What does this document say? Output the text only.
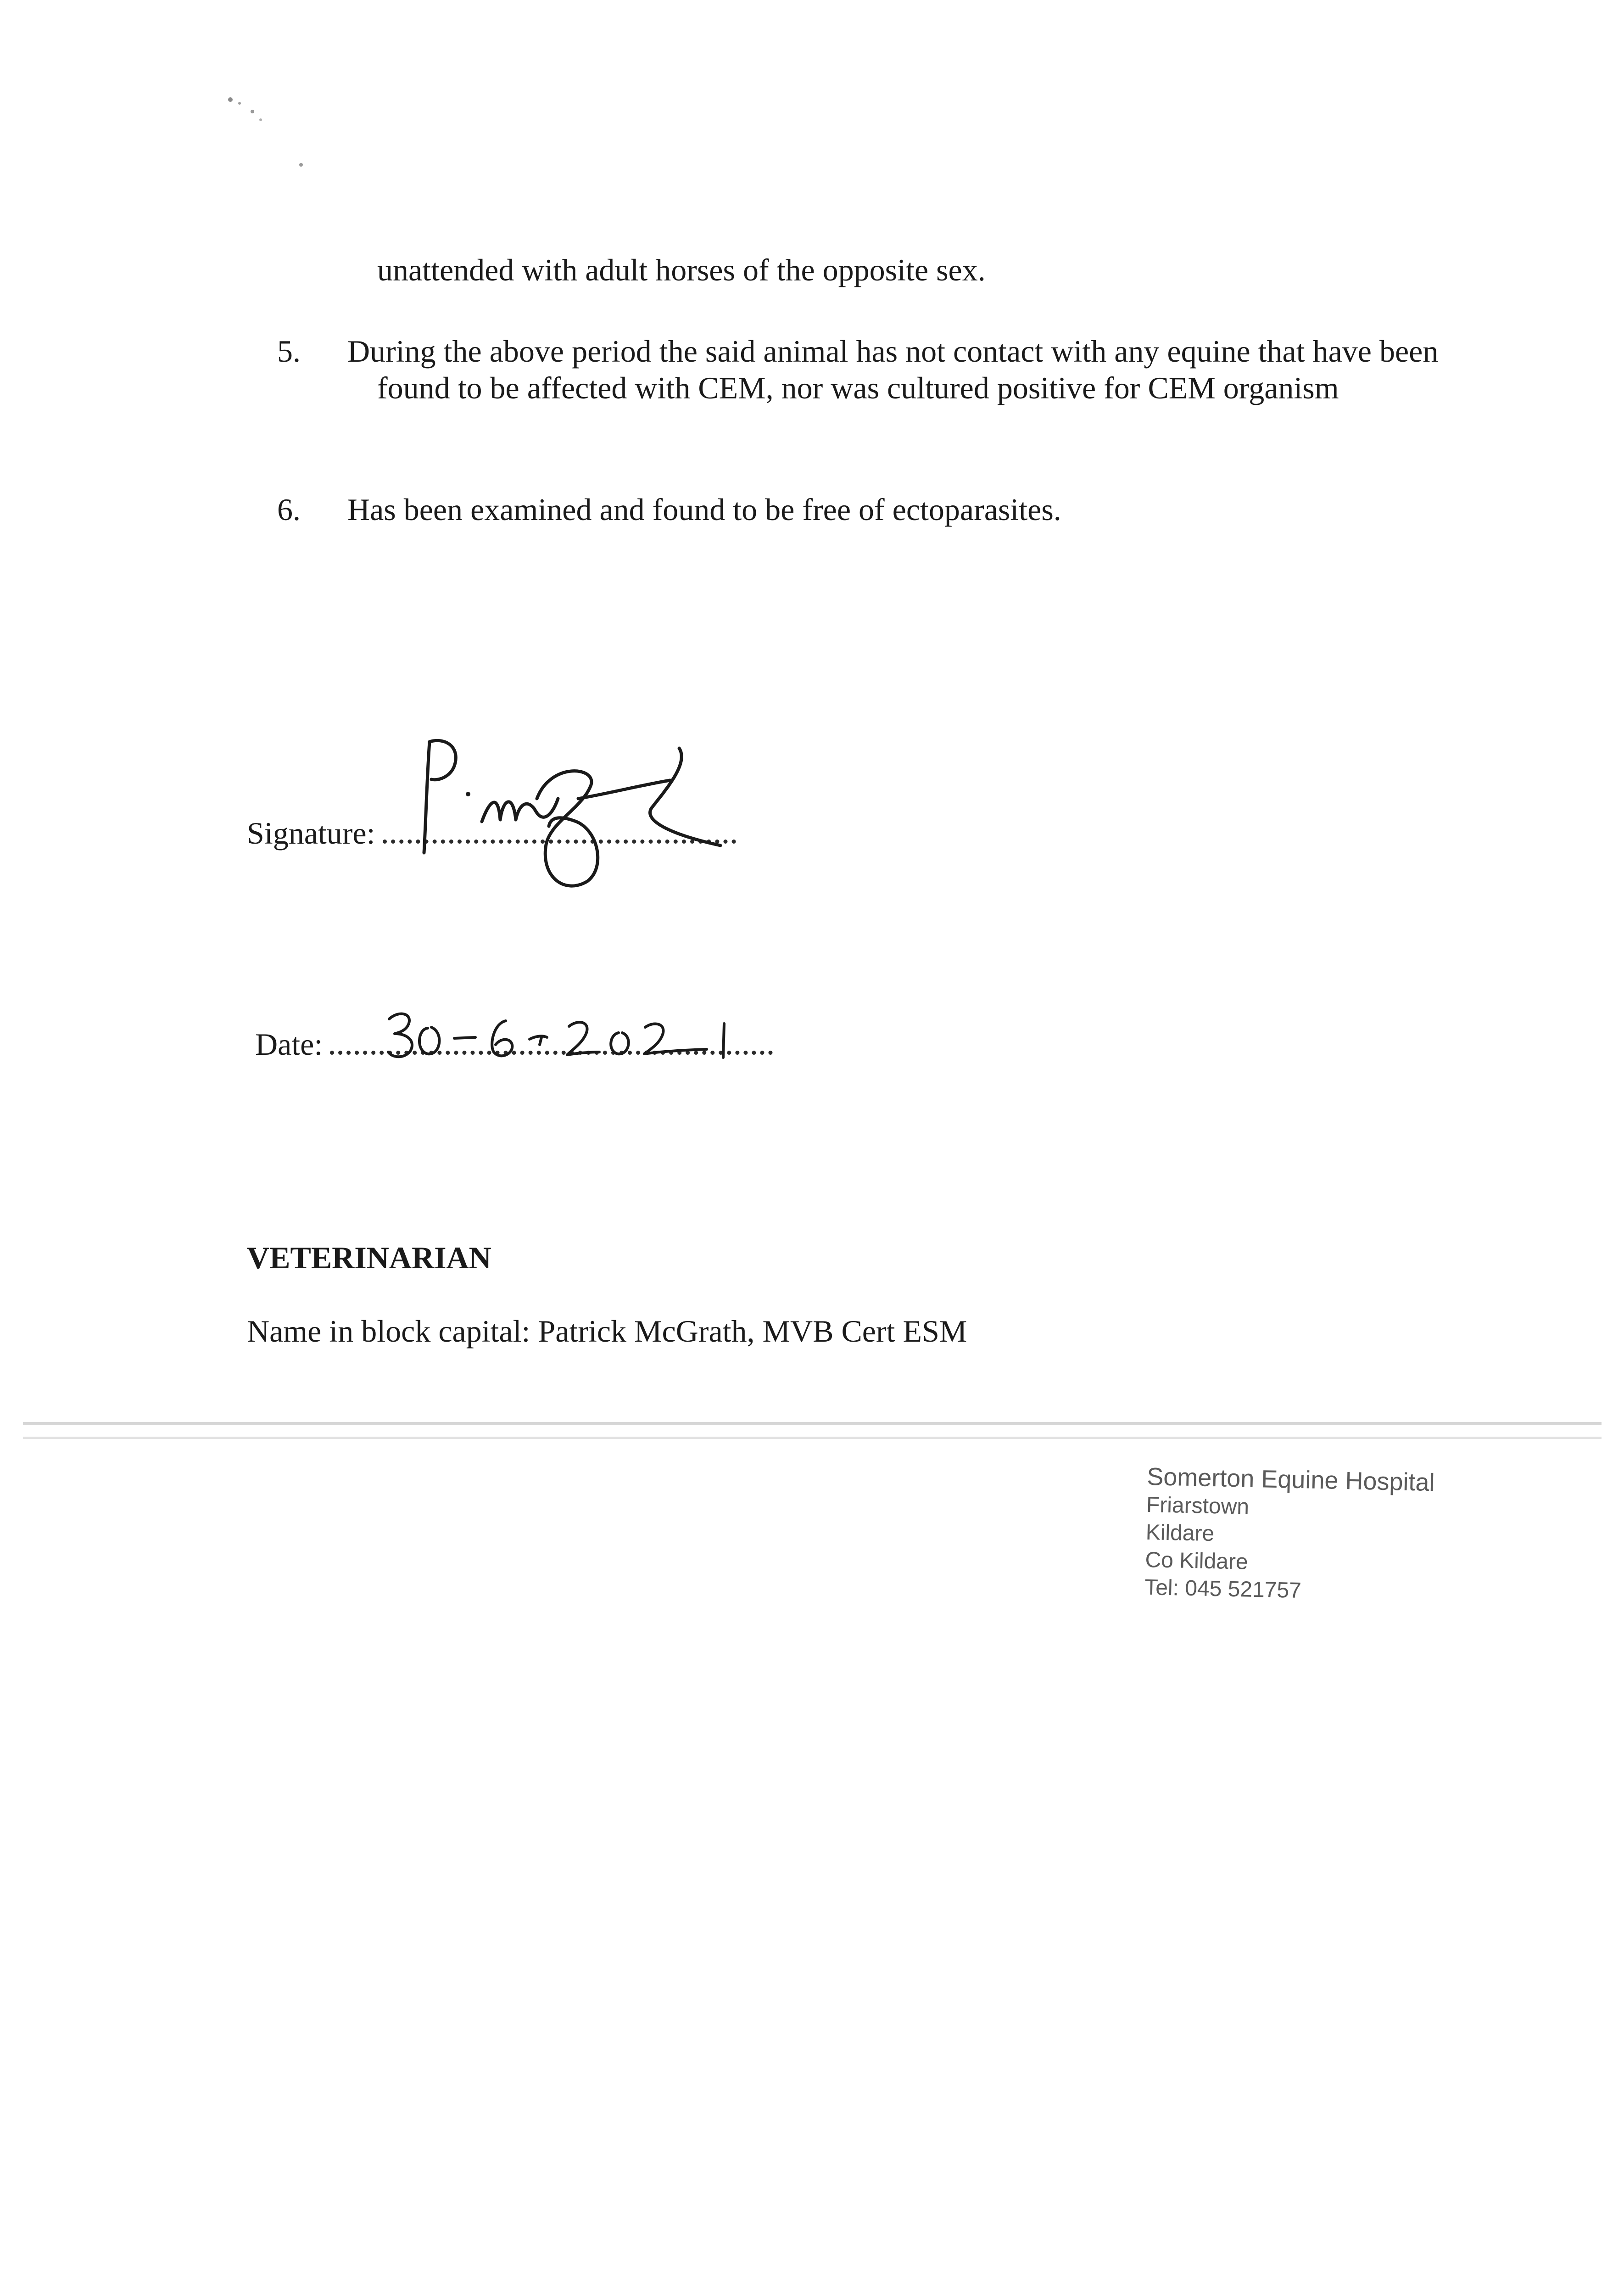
unattended with adult horses of the opposite sex.
5. During the above period the said animal has not contact with any equine that have been found to be affected with CEM, nor was cultured positive for CEM organism
6. Has been examined and found to be free of ectoparasites.
Signature:
Date:
VETERINARIAN
Name in block capital: Patrick McGrath, MVB Cert ESM
Somerton Equine Hospital
Friarstown
Kildare
Co Kildare
Tel: 045 521757
